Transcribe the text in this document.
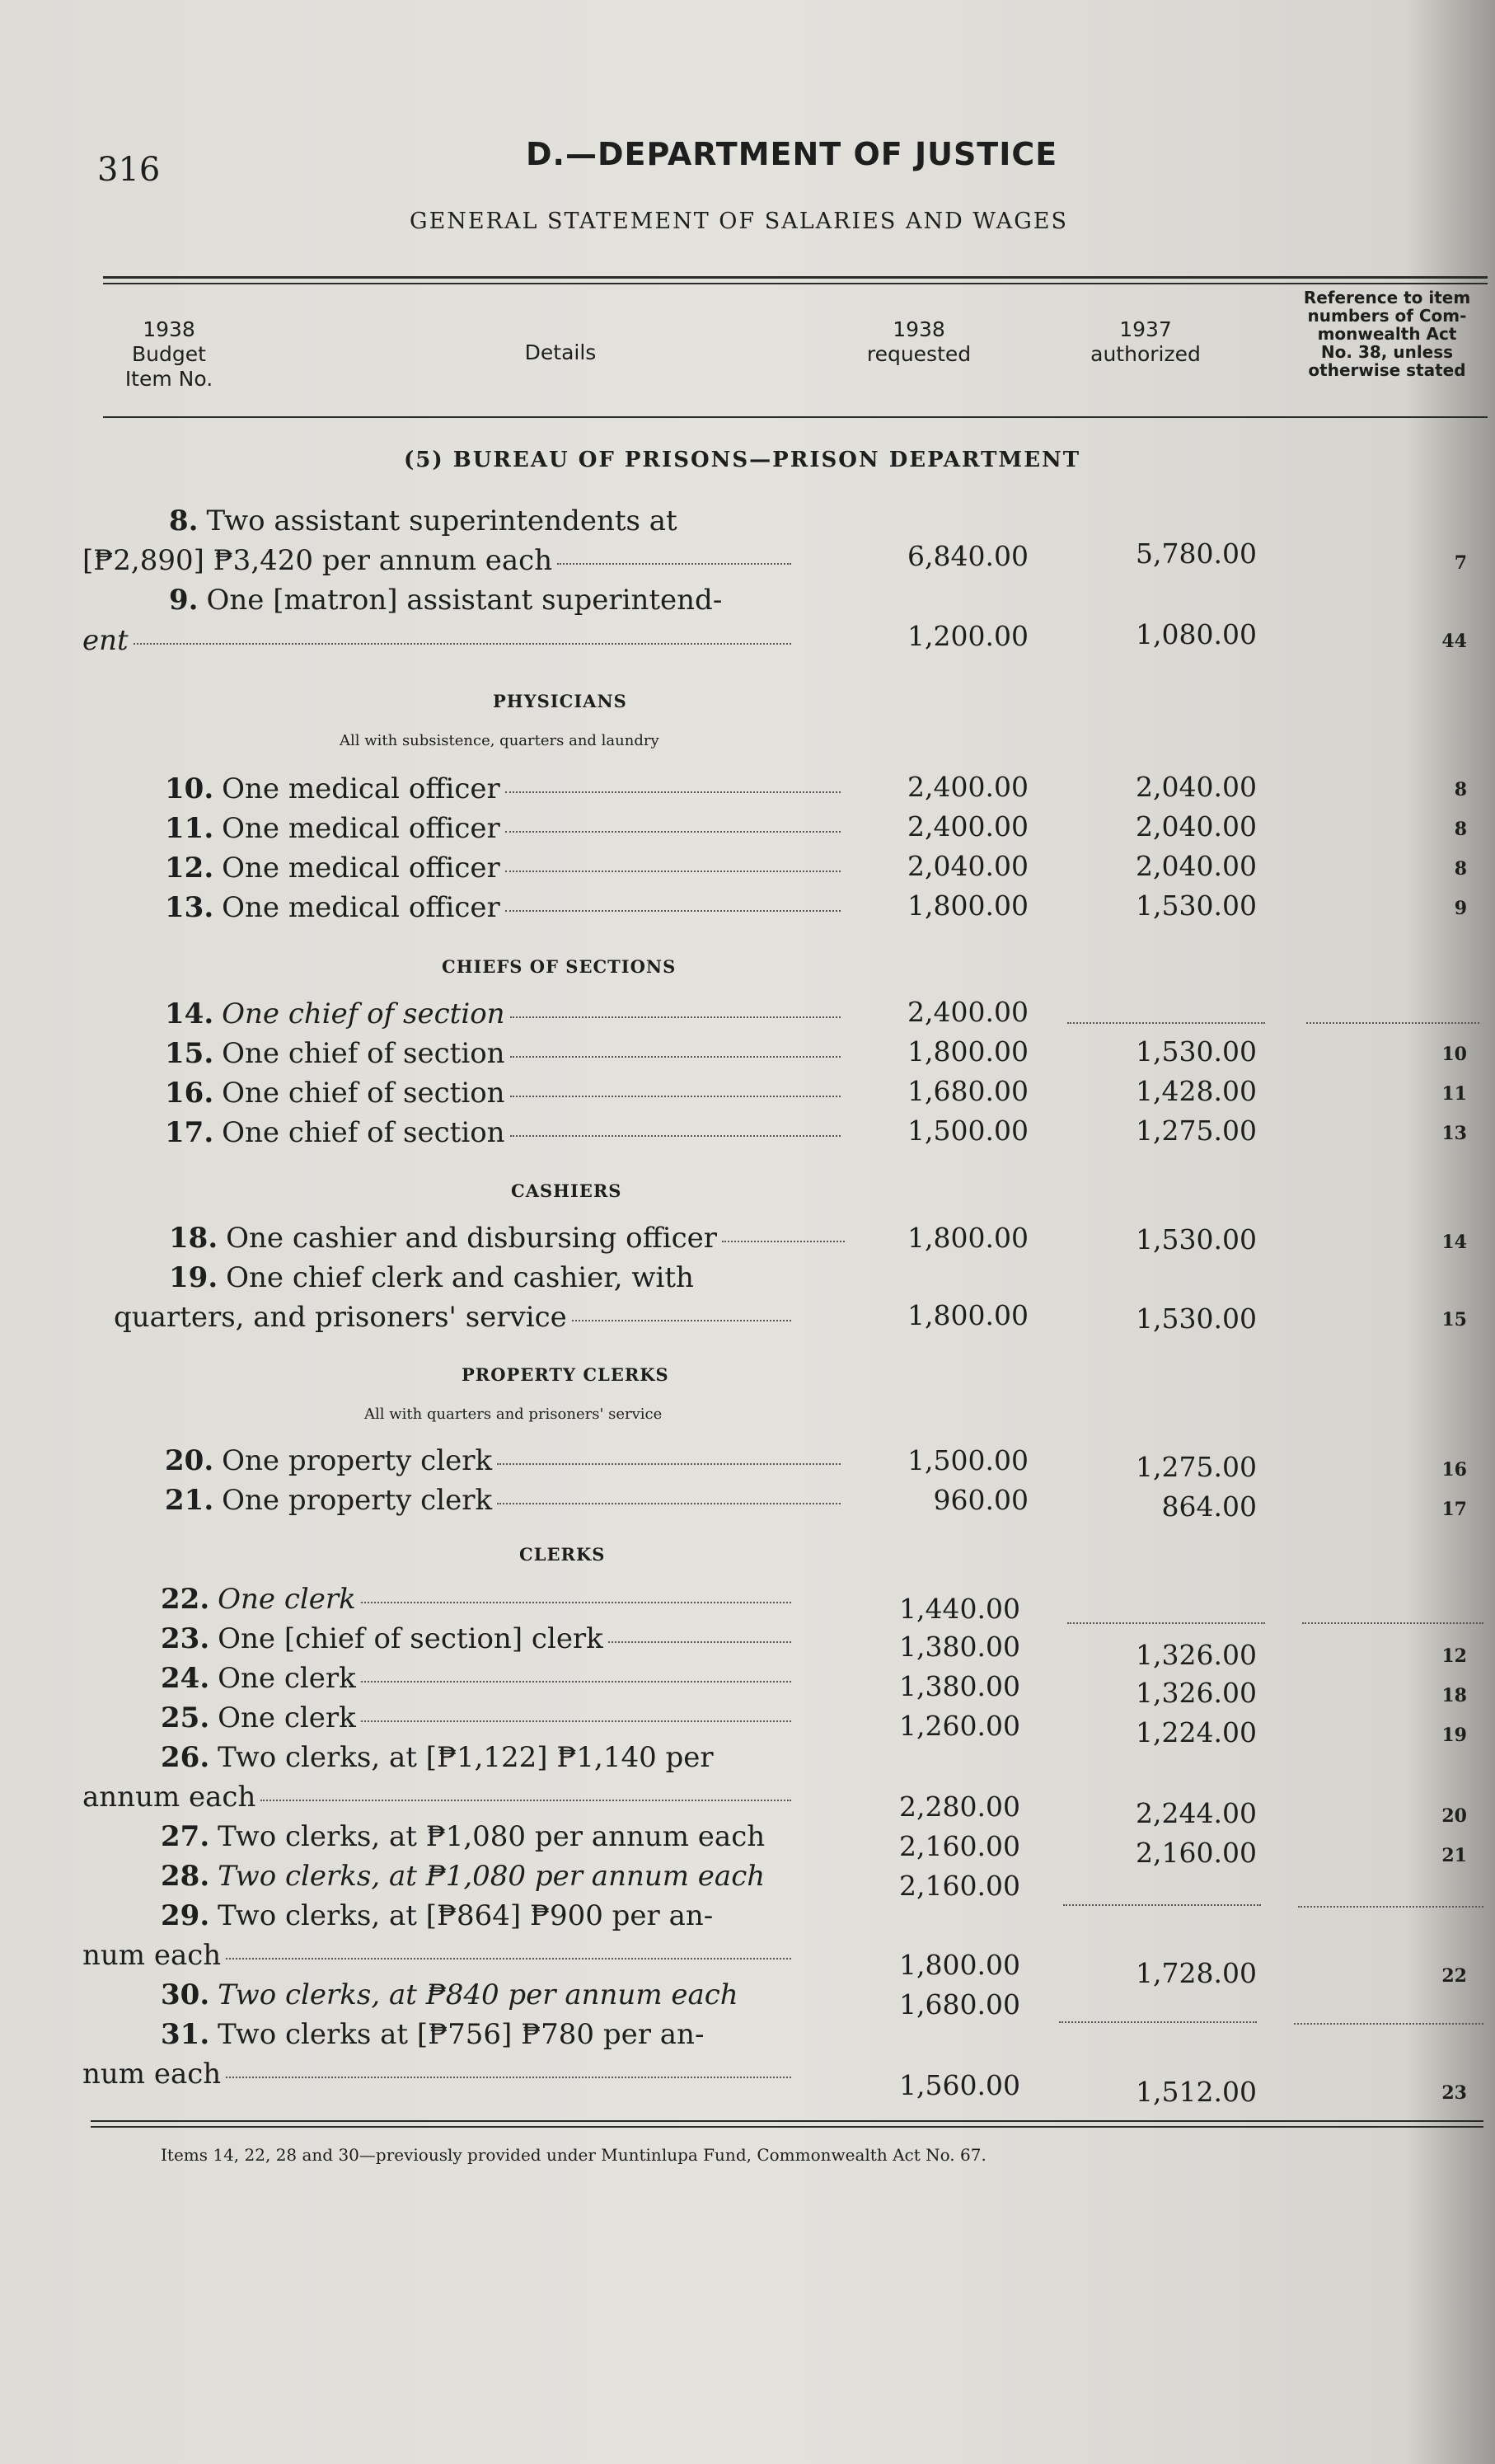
316	D.—DEPARTMENT OF JUSTICE
GENERAL STATEMENT OF SALARIES AND WAGES
1938
Budget
Item No.
Details
1938
requested
1937
authorized
Reference to item
numbers of Com-
monwealth Act
No. 38, unless
otherwise stated
(5) BUREAU OF PRISONS—PRISON DEPARTMENT
8. Two assistant superintendents at
[₱2,890] ₱3,420 per annum each	6,840.00	5,780.00	7
9. One [matron] assistant superintend-
ent	1,200.00	1,080.00	44
PHYSICIANS
All with subsistence, quarters and laundry
10. One medical officer	2,400.00	2,040.00	8
11. One medical officer	2,400.00	2,040.00	8
12. One medical officer	2,040.00	2,040.00	8
13. One medical officer	1,800.00	1,530.00	9
CHIEFS OF SECTIONS
14. One chief of section	2,400.00
15. One chief of section	1,800.00	1,530.00	10
16. One chief of section	1,680.00	1,428.00	11
17. One chief of section	1,500.00	1,275.00	13
CASHIERS
18. One cashier and disbursing officer	1,800.00	1,530.00	14
19. One chief clerk and cashier, with
quarters, and prisoners' service	1,800.00	1,530.00	15
PROPERTY CLERKS
All with quarters and prisoners' service
20. One property clerk	1,500.00	1,275.00	16
21. One property clerk	960.00	864.00	17
CLERKS
22. One clerk	1,440.00
23. One [chief of section] clerk	1,380.00	1,326.00	12
24. One clerk	1,380.00	1,326.00	18
25. One clerk	1,260.00	1,224.00	19
26. Two clerks, at [₱1,122] ₱1,140 per
annum each	2,280.00	2,244.00	20
27. Two clerks, at ₱1,080 per annum each	2,160.00	2,160.00	21
28. Two clerks, at ₱1,080 per annum each	2,160.00
29. Two clerks, at [₱864] ₱900 per an-
num each	1,800.00	1,728.00	22
30. Two clerks, at ₱840 per annum each	1,680.00
31. Two clerks at [₱756] ₱780 per an-
num each	1,560.00	1,512.00	23
Items 14, 22, 28 and 30—previously provided under Muntinlupa Fund, Commonwealth Act No. 67.
